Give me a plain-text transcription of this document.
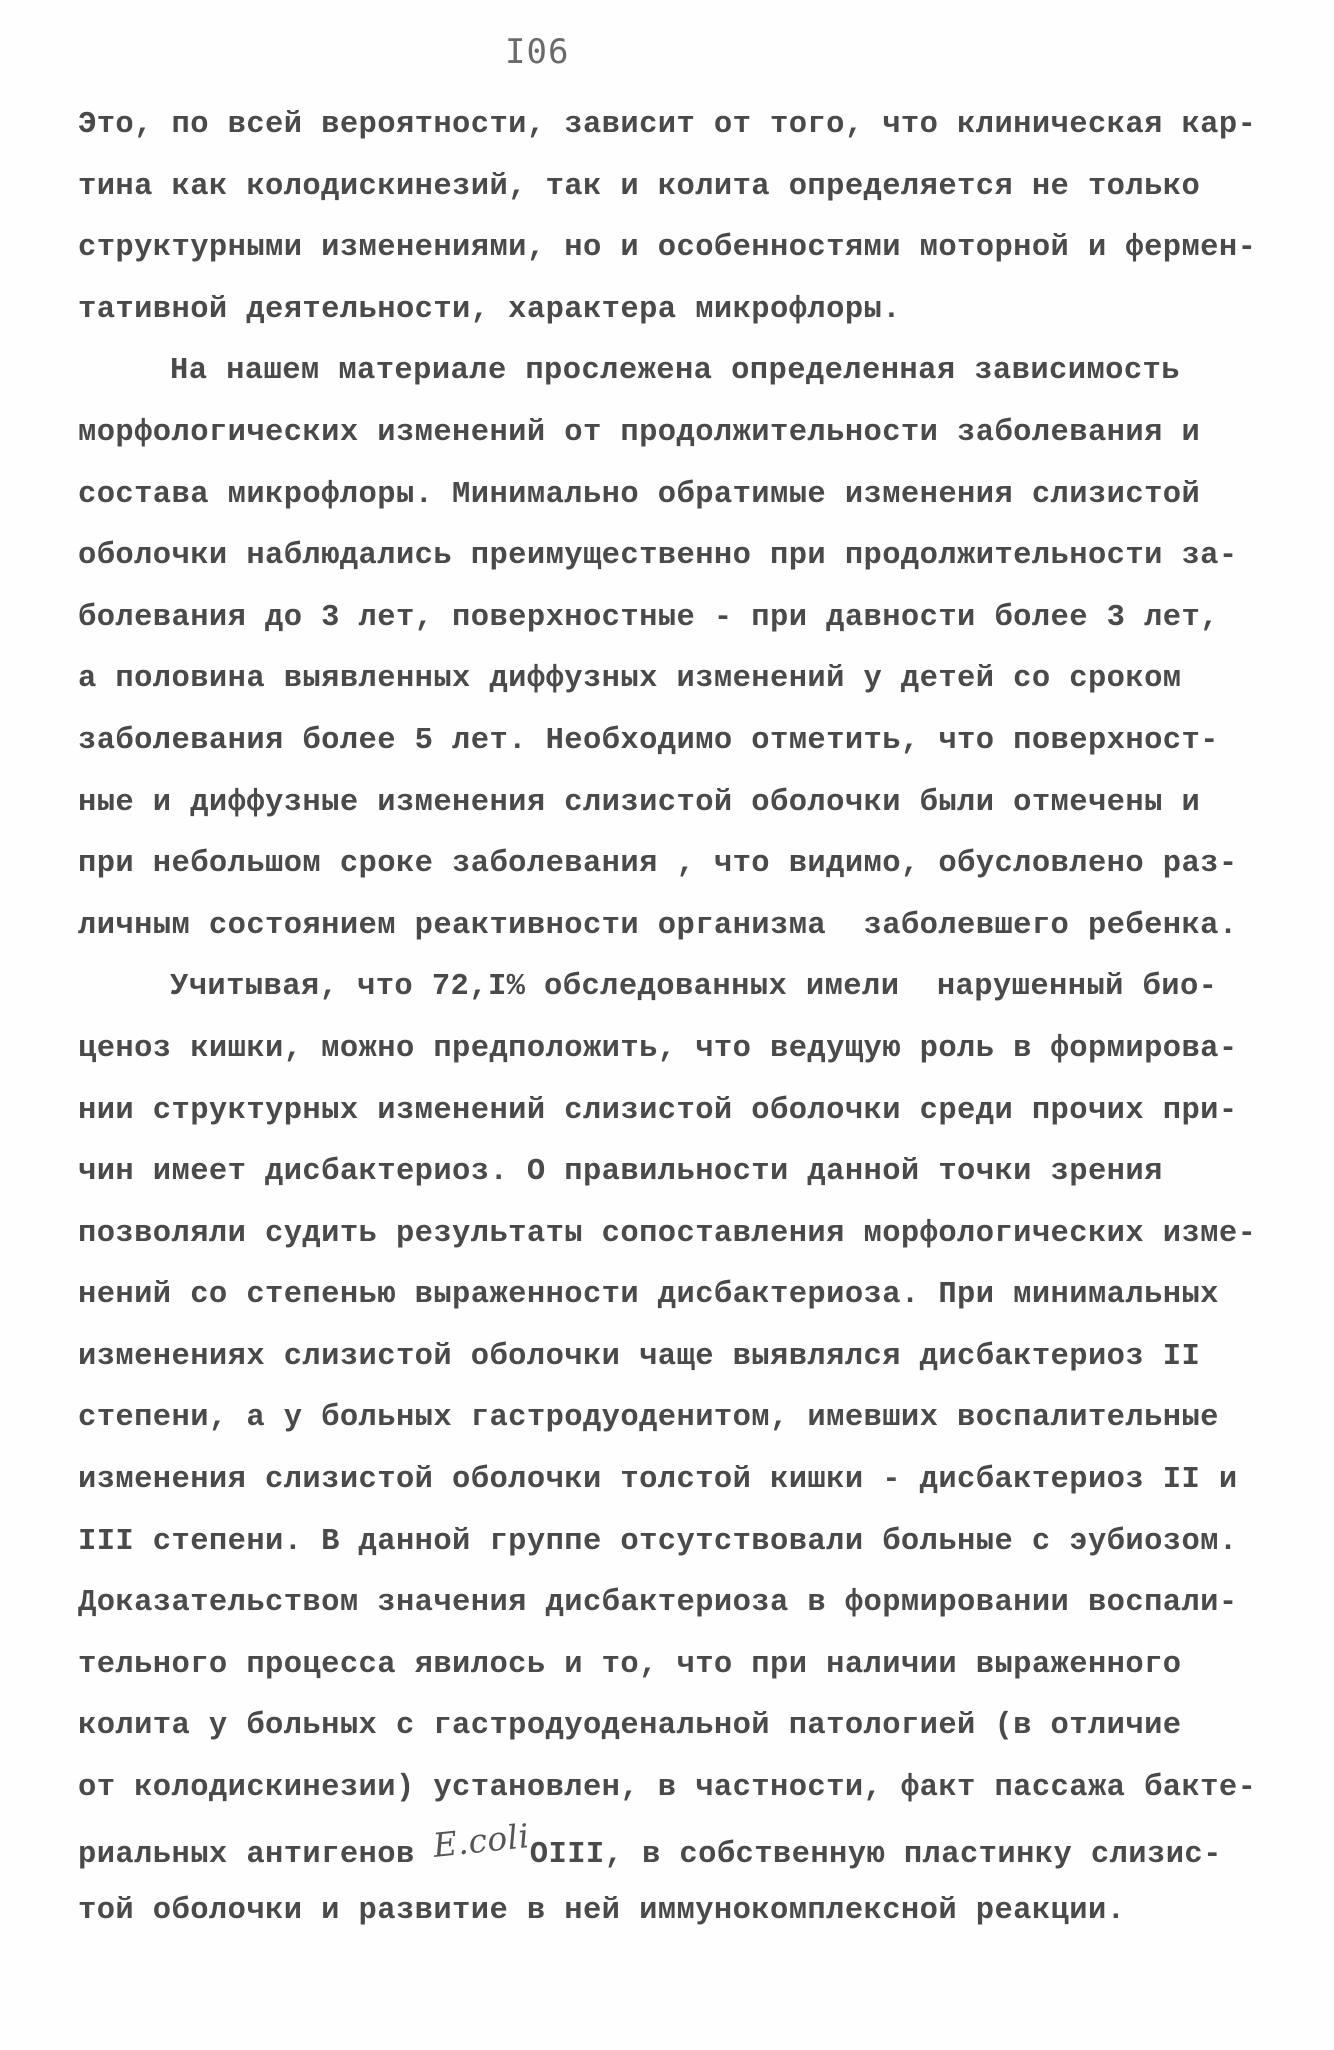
I06
Это, по всей вероятности, зависит от того, что клиническая кар-
тина как колодискинезий, так и колита определяется не только
структурными изменениями, но и особенностями моторной и фермен-
тативной деятельности, характера микрофлоры.
На нашем материале прослежена определенная зависимость
морфологических изменений от продолжительности заболевания и
состава микрофлоры. Минимально обратимые изменения слизистой
оболочки наблюдались преимущественно при продолжительности за-
болевания до 3 лет, поверхностные - при давности более 3 лет,
а половина выявленных диффузных изменений у детей со сроком
заболевания более 5 лет. Необходимо отметить, что поверхност-
ные и диффузные изменения слизистой оболочки были отмечены и
при небольшом сроке заболевания , что видимо, обусловлено раз-
личным состоянием реактивности организма  заболевшего ребенка.
Учитывая, что 72,I% обследованных имели  нарушенный био-
ценоз кишки, можно предположить, что ведущую роль в формирова-
нии структурных изменений слизистой оболочки среди прочих при-
чин имеет дисбактериоз. О правильности данной точки зрения
позволяли судить результаты сопоставления морфологических изме-
нений со степенью выраженности дисбактериоза. При минимальных
изменениях слизистой оболочки чаще выявлялся дисбактериоз II
степени, а у больных гастродуоденитом, имевших воспалительные
изменения слизистой оболочки толстой кишки - дисбактериоз II и
III степени. В данной группе отсутствовали больные с эубиозом.
Доказательством значения дисбактериоза в формировании воспали-
тельного процесса явилось и то, что при наличии выраженного
колита у больных с гастродуоденальной патологией (в отличие
от колодискинезии) установлен, в частности, факт пассажа бакте-
риальных антигенов E.coliOIII, в собственную пластинку слизис-
той оболочки и развитие в ней иммунокомплексной реакции.
